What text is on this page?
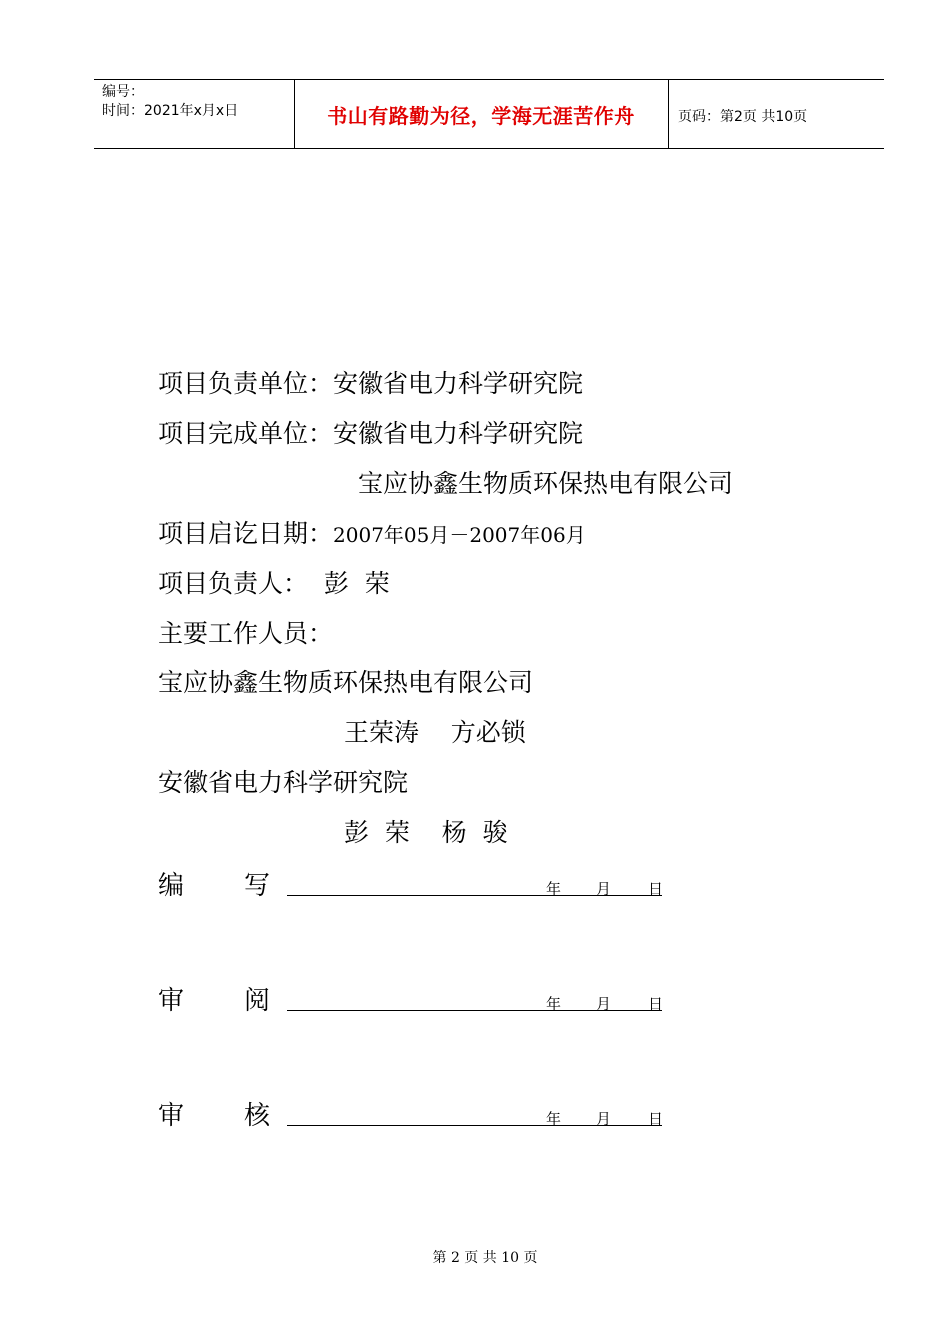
编号：
时间：2021年x月x日	书山有路勤为径，学海无涯苦作舟	页码：第2页 共10页
项目负责单位：安徽省电力科学研究院
项目完成单位：安徽省电力科学研究院
宝应协鑫生物质环保热电有限公司
项目启讫日期：2007年05月－2007年06月
项目负责人：  彭  荣
主要工作人员：
宝应协鑫生物质环保热电有限公司
王荣涛    方必锁
安徽省电力科学研究院
彭  荣    杨  骏
编 写	年 月 日
审 阅	年 月 日
审 核	年 月 日
第 2 页 共 10 页
